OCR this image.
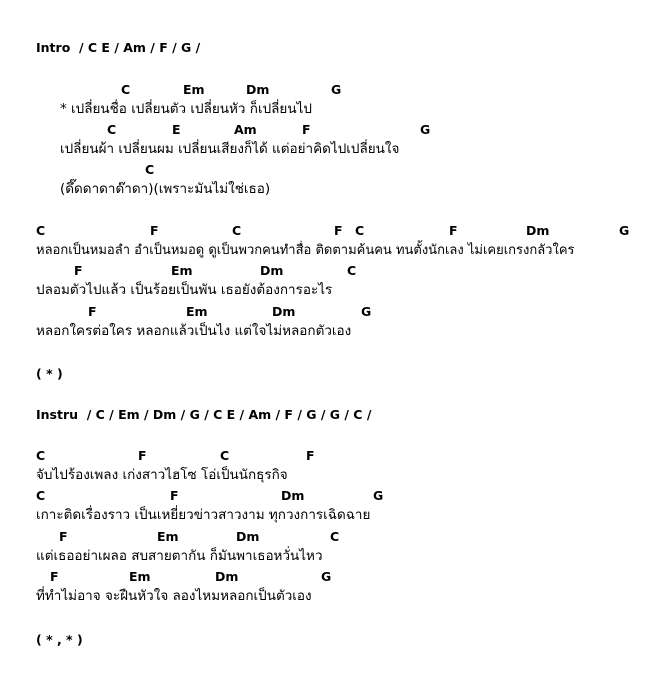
Intro  / C E / Am / F / G /

C

	Em

	Dm

	G

* เปลี่ยนชื่อ เปลี่ยนตัว เปลี่ยนหัว ก็เปลี่ยนไป

C

	E

	Am

	F

	G

เปลี่ยนผ้า เปลี่ยนผม เปลี่ยนเสียงก็ได้ แต่อย่าคิดไปเปลี่ยนใจ

C

(ดึ๊ดดาดาด๊าดา)(เพราะมันไม่ใช่เธอ)

C

	F

	C

	F

C

	F

	Dm

	G

หลอกเป็นหมอลำ อำเป็นหมอดู ดูเป็นพวกคนทำสื่อ ติดตามค้นคน ทนตั้งนักเลง ไม่เคยเกรงกลัวใคร

F

	Em

	Dm

	C

ปลอมตัวไปแล้ว เป็นร้อยเป็นพัน เธอยังต้องการอะไร

F

	Em

	Dm

	G

หลอกใครต่อใคร หลอกแล้วเป็นไง แต่ใจไม่หลอกตัวเอง
( * )
Instru  / C / Em / Dm / G / C E / Am / F / G / G / C /

C

	F

	C

	F

จับไปร้องเพลง เก่งสาวไฮโซ โอ่เป็นนักธุรกิจ

C

	F

	Dm

	G

เกาะติดเรื่องราว เป็นเหยี่ยวข่าวสาวงาม ทุกวงการเฉิดฉาย

F

	Em

	Dm

	C

แต่เธออย่าเผลอ สบสายตากัน ก็มันพาเธอหวั่นไหว

F

	Em

	Dm

	G

ที่ทำไม่อาจ จะฝืนหัวใจ ลองไหมหลอกเป็นตัวเอง
( * , * )
